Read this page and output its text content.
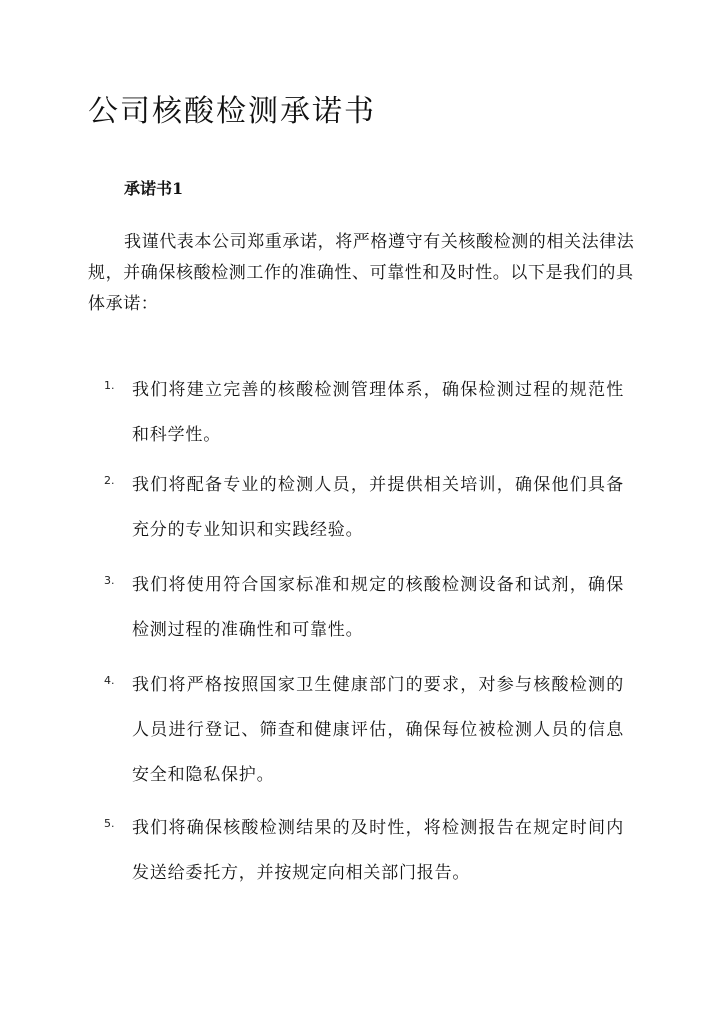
公司核酸检测承诺书
承诺书1

我谨代表本公司郑重承诺，将严格遵守有关核酸检测的相关法律法规，并确保核酸检测工作的准确性、可靠性和及时性。以下是我们的具体承诺：

1.	我们将建立完善的核酸检测管理体系，确保检测过程的规范性和科学性。
2.	我们将配备专业的检测人员，并提供相关培训，确保他们具备充分的专业知识和实践经验。
3.	我们将使用符合国家标准和规定的核酸检测设备和试剂，确保检测过程的准确性和可靠性。
4.	我们将严格按照国家卫生健康部门的要求，对参与核酸检测的人员进行登记、筛查和健康评估，确保每位被检测人员的信息安全和隐私保护。
5.	我们将确保核酸检测结果的及时性，将检测报告在规定时间内发送给委托方，并按规定向相关部门报告。
